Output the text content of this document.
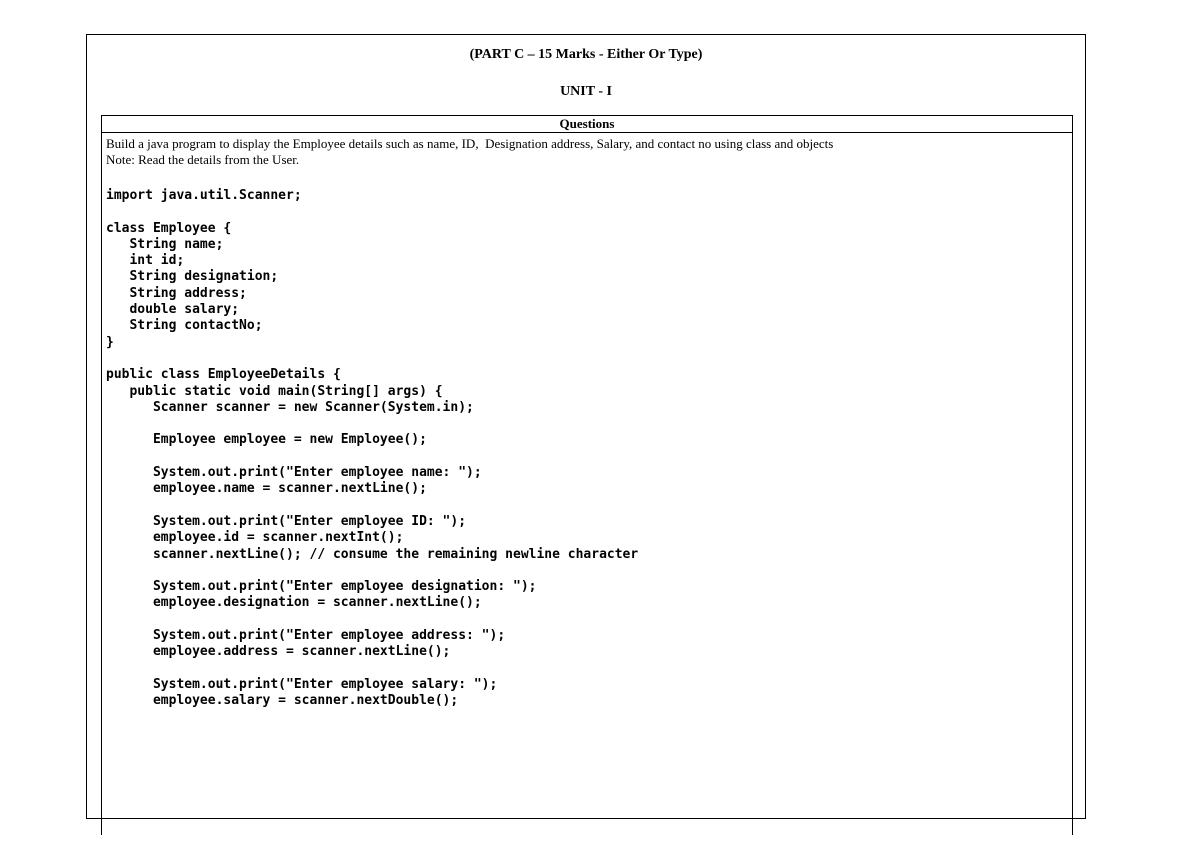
(PART C – 15 Marks - Either Or Type)
UNIT - I
Questions

Build a java program to display the Employee details such as name, ID,  Designation address, Salary, and contact no using class and objects

Note: Read the details from the User.

import java.util.Scanner;

class Employee {
String name;
int id;
String designation;
String address;
double salary;
String contactNo;
}

public class EmployeeDetails {
public static void main(String[] args) {
Scanner scanner = new Scanner(System.in);

Employee employee = new Employee();

System.out.print("Enter employee name: ");
employee.name = scanner.nextLine();

System.out.print("Enter employee ID: ");
employee.id = scanner.nextInt();
scanner.nextLine(); // consume the remaining newline character

System.out.print("Enter employee designation: ");
employee.designation = scanner.nextLine();

System.out.print("Enter employee address: ");
employee.address = scanner.nextLine();

System.out.print("Enter employee salary: ");
employee.salary = scanner.nextDouble();
